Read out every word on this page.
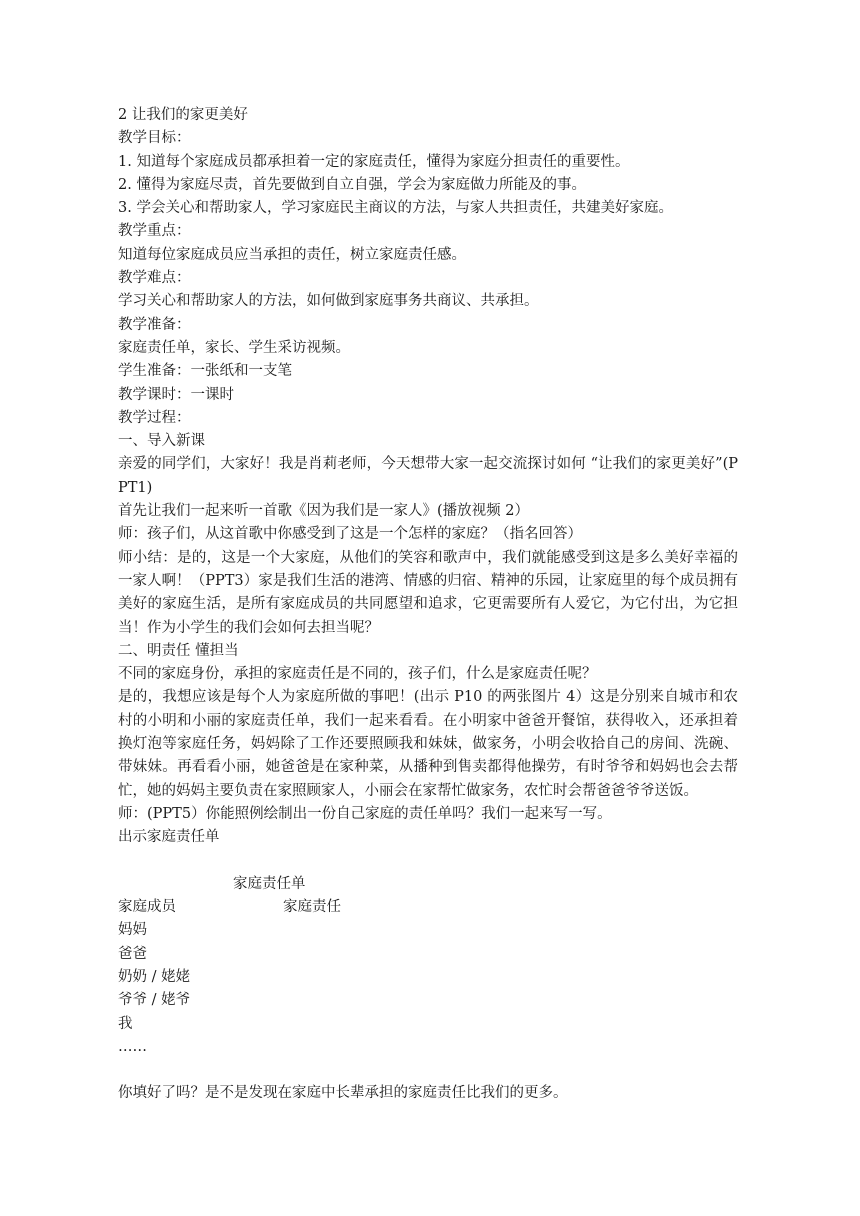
2 让我们的家更美好
教学目标：
1. 知道每个家庭成员都承担着一定的家庭责任，懂得为家庭分担责任的重要性。
2. 懂得为家庭尽责，首先要做到自立自强，学会为家庭做力所能及的事。
3. 学会关心和帮助家人，学习家庭民主商议的方法，与家人共担责任，共建美好家庭。
教学重点：
知道每位家庭成员应当承担的责任，树立家庭责任感。
教学难点：
学习关心和帮助家人的方法，如何做到家庭事务共商议、共承担。
教学准备：
家庭责任单，家长、学生采访视频。
学生准备：一张纸和一支笔
教学课时：一课时
教学过程：
一、导入新课
亲爱的同学们，大家好！我是肖莉老师，今天想带大家一起交流探讨如何 “让我们的家更美好”(PPT1)
首先让我们一起来听一首歌《因为我们是一家人》(播放视频 2）
师：孩子们，从这首歌中你感受到了这是一个怎样的家庭？（指名回答）
师小结：是的，这是一个大家庭，从他们的笑容和歌声中，我们就能感受到这是多么美好幸福的一家人啊！（PPT3）家是我们生活的港湾、情感的归宿、精神的乐园，让家庭里的每个成员拥有美好的家庭生活，是所有家庭成员的共同愿望和追求，它更需要所有人爱它，为它付出，为它担当！作为小学生的我们会如何去担当呢？
二、明责任 懂担当
不同的家庭身份，承担的家庭责任是不同的，孩子们，什么是家庭责任呢？
是的，我想应该是每个人为家庭所做的事吧！(出示 P10 的两张图片 4）这是分别来自城市和农村的小明和小丽的家庭责任单，我们一起来看看。在小明家中爸爸开餐馆，获得收入，还承担着换灯泡等家庭任务，妈妈除了工作还要照顾我和妹妹，做家务，小明会收拾自己的房间、洗碗、带妹妹。再看看小丽，她爸爸是在家种菜，从播种到售卖都得他操劳，有时爷爷和妈妈也会去帮忙，她的妈妈主要负责在家照顾家人，小丽会在家帮忙做家务，农忙时会帮爸爸爷爷送饭。
师：(PPT5）你能照例绘制出一份自己家庭的责任单吗？我们一起来写一写。
出示家庭责任单
家庭责任单
家庭成员	家庭责任
妈妈
爸爸
奶奶 / 姥姥
爷爷 / 姥爷
我
……
你填好了吗？是不是发现在家庭中长辈承担的家庭责任比我们的更多。
